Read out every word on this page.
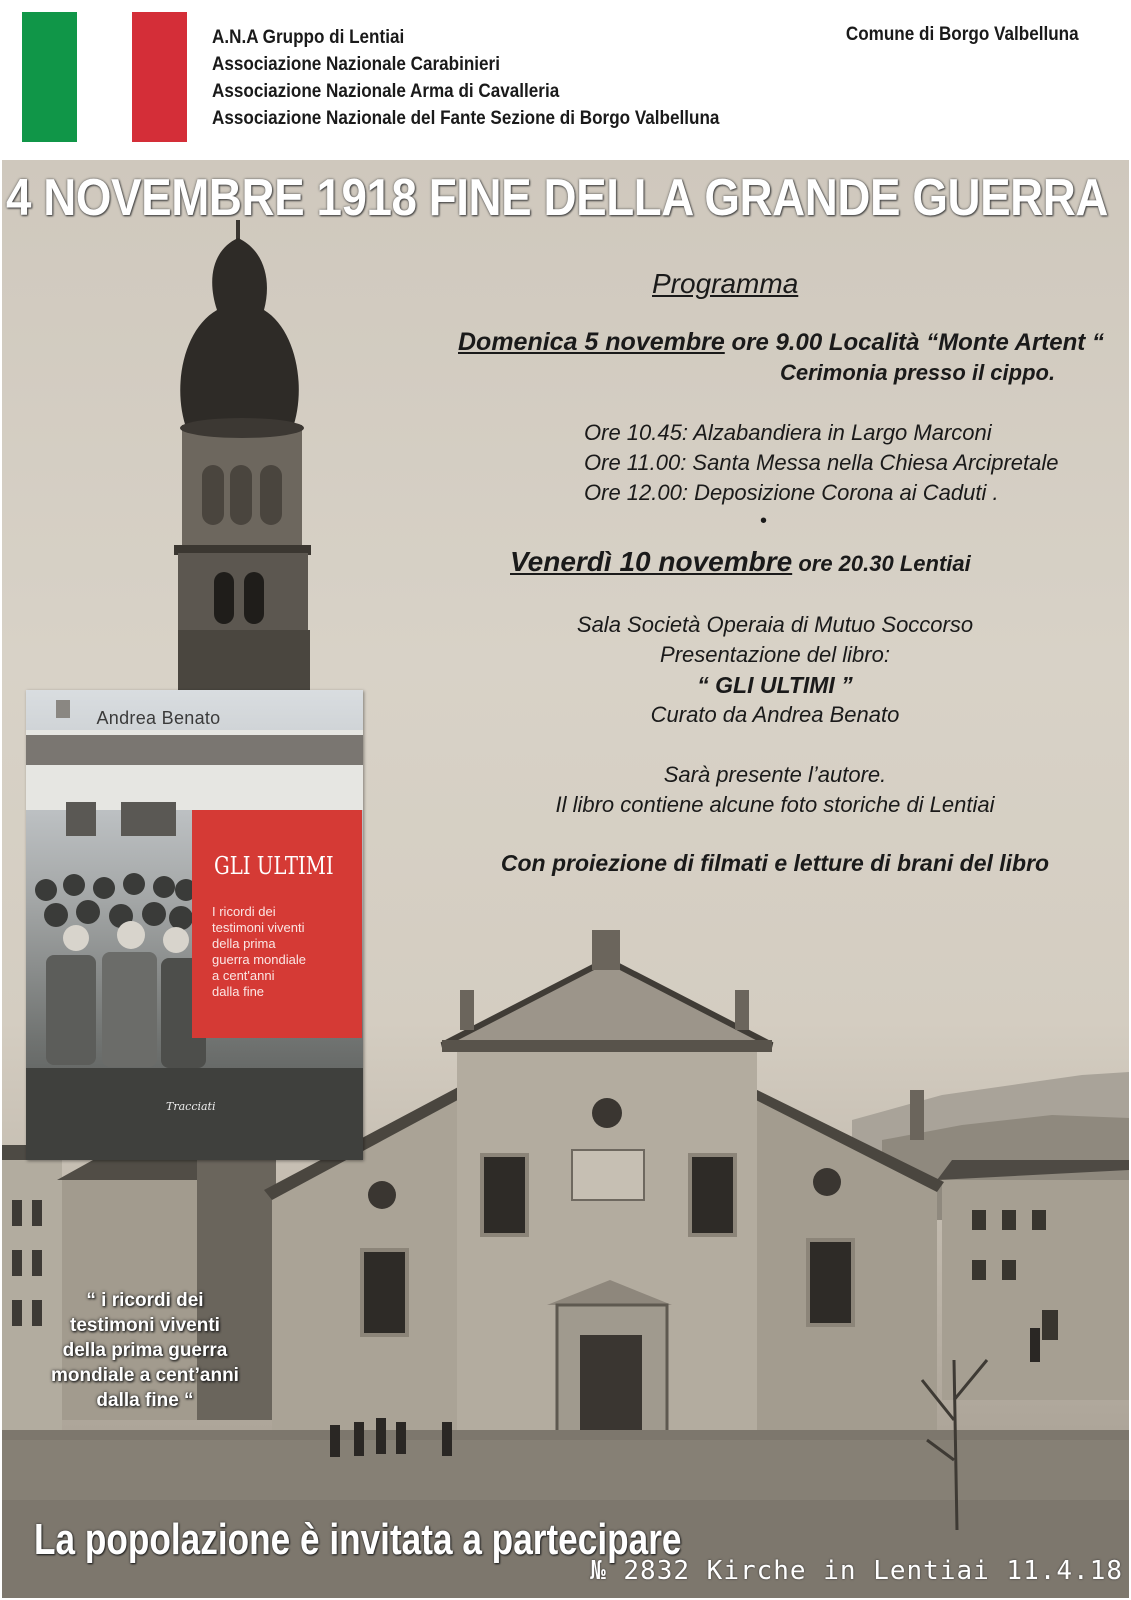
A.N.A Gruppo di Lentiai
Associazione Nazionale Carabinieri
Associazione Nazionale Arma di Cavalleria
Associazione Nazionale del Fante Sezione di Borgo Valbelluna
Comune di Borgo Valbelluna
4 NOVEMBRE 1918 FINE DELLA GRANDE GUERRA
Programma
Domenica 5 novembre ore 9.00 Località “Monte Artent “
Cerimonia presso il cippo.
Ore 10.45: Alzabandiera in Largo Marconi
Ore 11.00: Santa Messa nella Chiesa Arcipretale
Ore 12.00: Deposizione Corona ai Caduti .
•
Venerdì 10 novembre ore 20.30 Lentiai
Sala Società Operaia di Mutuo Soccorso
Presentazione del libro:
“ GLI ULTIMI ”
Curato da Andrea Benato
Sarà presente l’autore.
Il libro contiene alcune foto storiche di Lentiai
Con proiezione di filmati e letture di brani del libro
Andrea Benato
GLI ULTIMI
I ricordi dei
testimoni viventi
della prima
guerra mondiale
a cent'anni
dalla fine
Tracciati
“ i ricordi dei
testimoni viventi
della prima guerra
mondiale a cent’anni
dalla fine “
La popolazione è invitata a partecipare
№ 2832 Kirche in Lentiai 11.4.18
